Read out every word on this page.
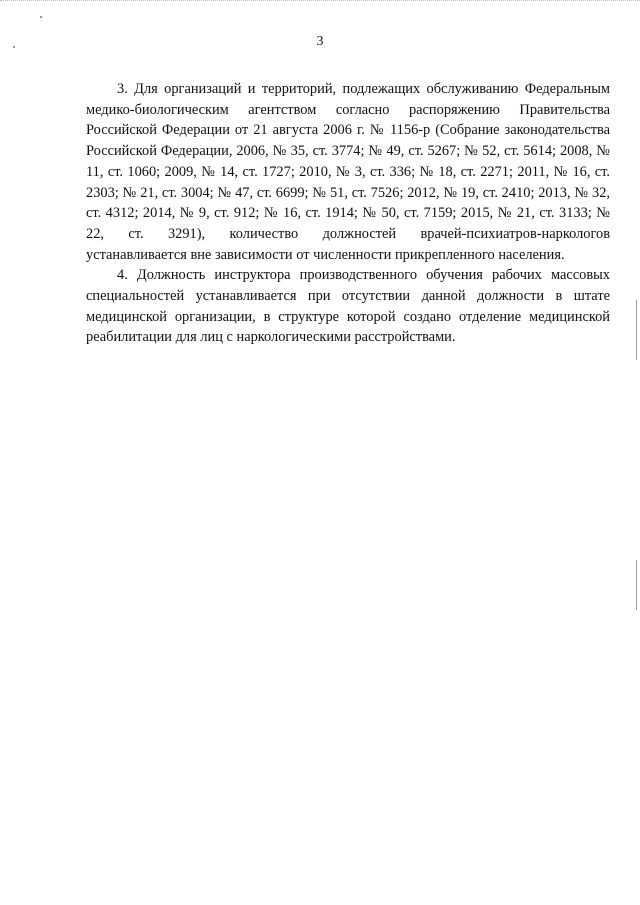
3

3. Для организаций и территорий, подлежащих обслуживанию Федеральным медико-биологическим агентством согласно распоряжению Правительства Российской Федерации от 21 августа 2006 г. № 1156-р (Собрание законодательства Российской Федерации, 2006, № 35, ст. 3774; № 49, ст. 5267; № 52, ст. 5614; 2008, № 11, ст. 1060; 2009, № 14, ст. 1727; 2010, № 3, ст. 336; № 18, ст. 2271; 2011, № 16, ст. 2303; № 21, ст. 3004; № 47, ст. 6699; № 51, ст. 7526; 2012, № 19, ст. 2410; 2013, № 32, ст. 4312; 2014, № 9, ст. 912; № 16, ст. 1914; № 50, ст. 7159; 2015, № 21, ст. 3133; № 22, ст. 3291), количество должностей врачей-психиатров-наркологов устанавливается вне зависимости от численности прикрепленного населения.

4. Должность инструктора производственного обучения рабочих массовых специальностей устанавливается при отсутствии данной должности в штате медицинской организации, в структуре которой создано отделение медицинской реабилитации для лиц с наркологическими расстройствами.
